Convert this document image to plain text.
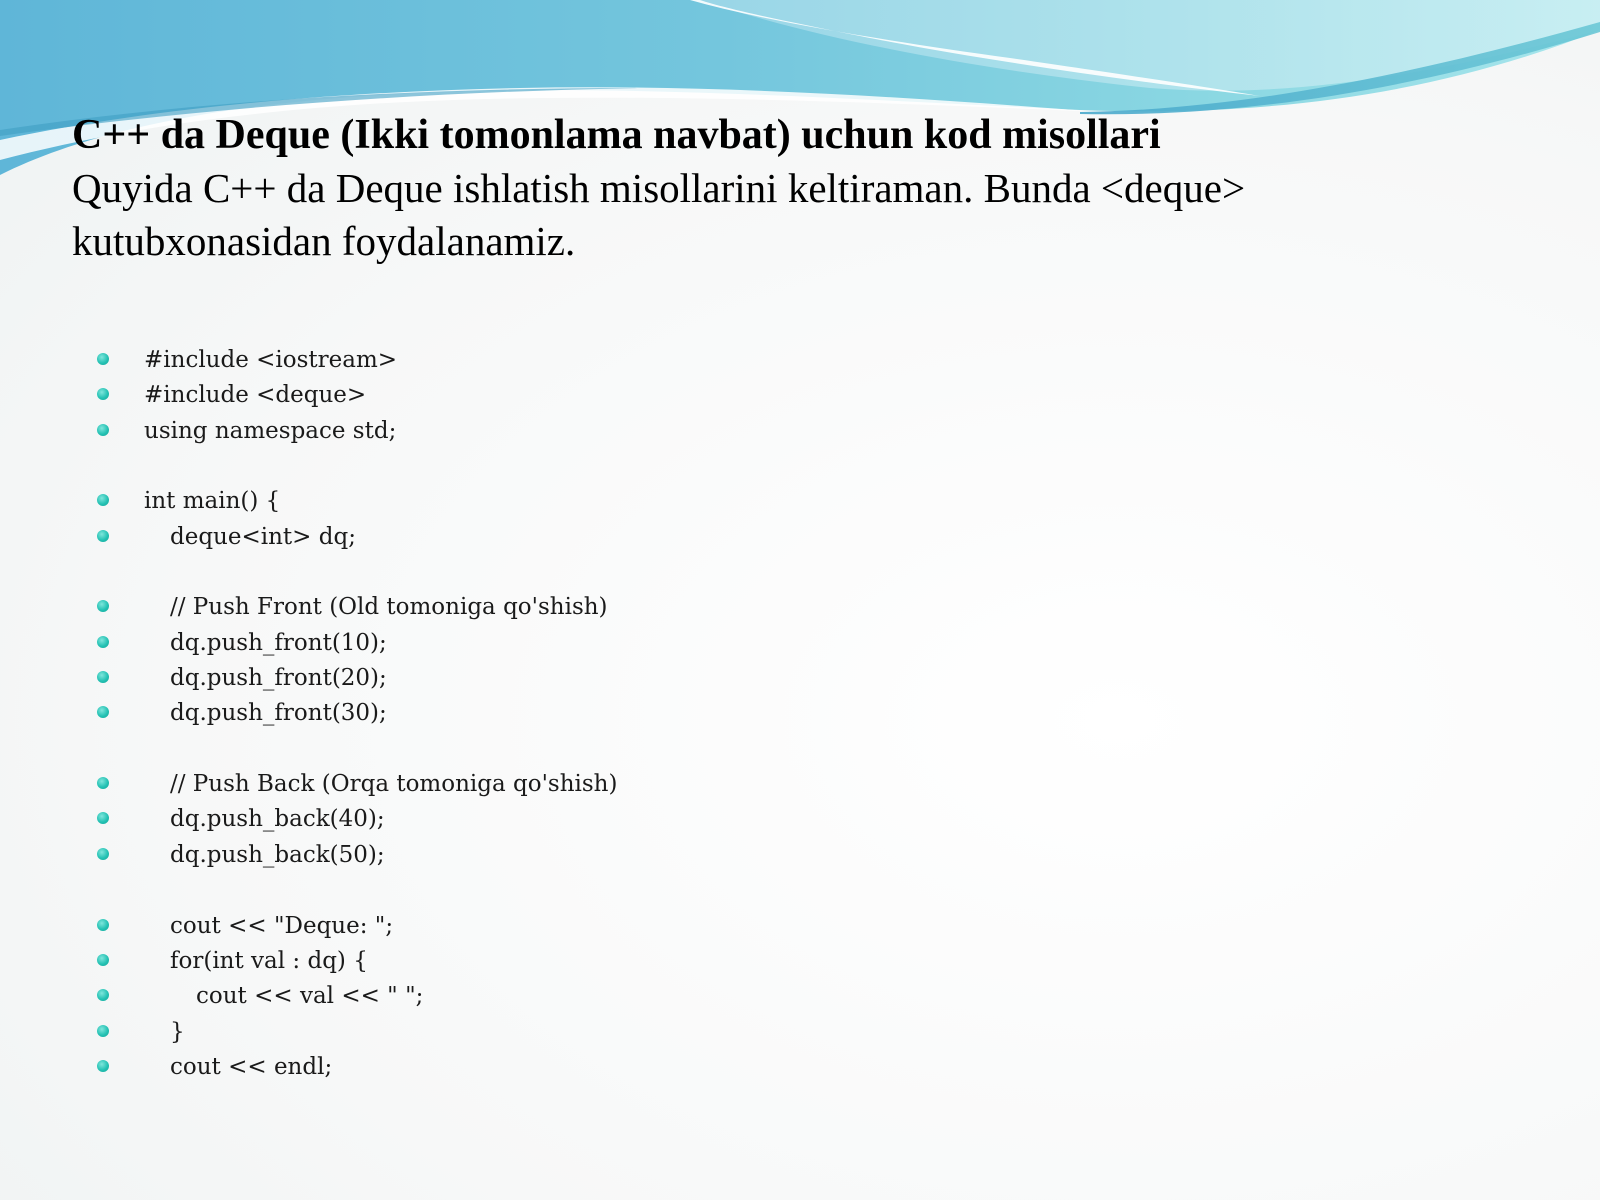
C++ da Deque (Ikki tomonlama navbat) uchun kod misollari

Quyida C++ da Deque ishlatish misollarini keltiraman. Bunda <deque>

kutubxonasidan foydalanamiz.

#include <iostream>
#include <deque>
using namespace std;
int main() {
deque<int> dq;
// Push Front (Old tomoniga qo'shish)
dq.push_front(10);
dq.push_front(20);
dq.push_front(30);
// Push Back (Orqa tomoniga qo'shish)
dq.push_back(40);
dq.push_back(50);
cout << "Deque: ";
for(int val : dq) {
cout << val << " ";
}
cout << endl;
